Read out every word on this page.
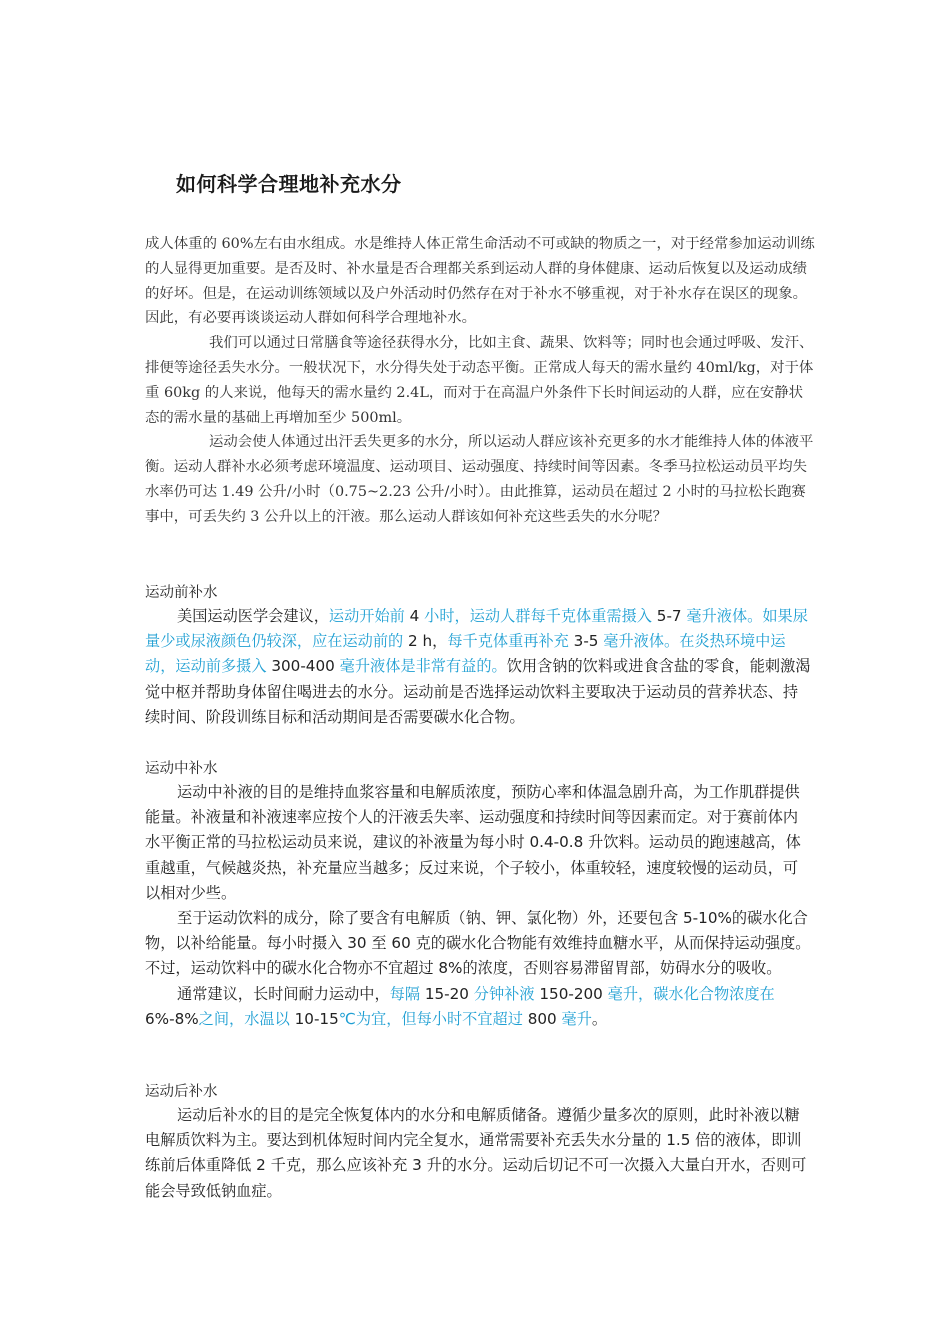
如何科学合理地补充水分

成人体重的 60%左右由水组成。水是维持人体正常生命活动不可或缺的物质之一，对于经常参加运动训练的人显得更加重要。是否及时、补水量是否合理都关系到运动人群的身体健康、运动后恢复以及运动成绩的好坏。但是，在运动训练领域以及户外活动时仍然存在对于补水不够重视，对于补水存在误区的现象。因此，有必要再谈谈运动人群如何科学合理地补水。

我们可以通过日常膳食等途径获得水分，比如主食、蔬果、饮料等；同时也会通过呼吸、发汗、排便等途径丢失水分。一般状况下，水分得失处于动态平衡。正常成人每天的需水量约 40ml/kg，对于体重 60kg 的人来说，他每天的需水量约 2.4L，而对于在高温户外条件下长时间运动的人群，应在安静状态的需水量的基础上再増加至少 500ml。

运动会使人体通过出汗丢失更多的水分，所以运动人群应该补充更多的水才能维持人体的体液平衡。运动人群补水必须考虑环境温度、运动项目、运动强度、持续时间等因素。冬季马拉松运动员平均失水率仍可达 1.49 公升/小时（0.75~2.23 公升/小时）。由此推算，运动员在超过 2 小时的马拉松长跑赛事中，可丢失约 3 公升以上的汗液。那么运动人群该如何补充这些丢失的水分呢？

运动前补水

美国运动医学会建议，运动开始前 4 小时，运动人群每千克体重需摄入 5-7 毫升液体。如果尿量少或尿液颜色仍较深，应在运动前的 2 h，每千克体重再补充 3-5 毫升液体。在炎热环境中运动，运动前多摄入 300-400 毫升液体是非常有益的。饮用含钠的饮料或进食含盐的零食，能刺激渴觉中枢并帮助身体留住喝进去的水分。运动前是否选择运动饮料主要取决于运动员的营养状态、持续时间、阶段训练目标和活动期间是否需要碳水化合物。

运动中补水

运动中补液的目的是维持血浆容量和电解质浓度，预防心率和体温急剧升高，为工作肌群提供能量。补液量和补液速率应按个人的汗液丢失率、运动强度和持续时间等因素而定。对于赛前体内水平衡正常的马拉松运动员来说，建议的补液量为每小时 0.4-0.8 升饮料。运动员的跑速越高，体重越重，气候越炎热，补充量应当越多；反过来说，个子较小，体重较轻，速度较慢的运动员，可以相对少些。

至于运动饮料的成分，除了要含有电解质（钠、钾、氯化物）外，还要包含 5-10%的碳水化合物，以补给能量。每小时摄入 30 至 60 克的碳水化合物能有效维持血糖水平，从而保持运动强度。不过，运动饮料中的碳水化合物亦不宜超过 8%的浓度，否则容易滞留胃部，妨碍水分的吸收。

通常建议，长时间耐力运动中，每隔 15-20 分钟补液 150-200 毫升，碳水化合物浓度在 6%-8%之间，水温以 10-15℃为宜，但每小时不宜超过 800 毫升。

运动后补水

运动后补水的目的是完全恢复体内的水分和电解质储备。遵循少量多次的原则，此时补液以糖电解质饮料为主。要达到机体短时间内完全复水，通常需要补充丢失水分量的 1.5 倍的液体，即训练前后体重降低 2 千克，那么应该补充 3 升的水分。运动后切记不可一次摄入大量白开水，否则可能会导致低钠血症。
